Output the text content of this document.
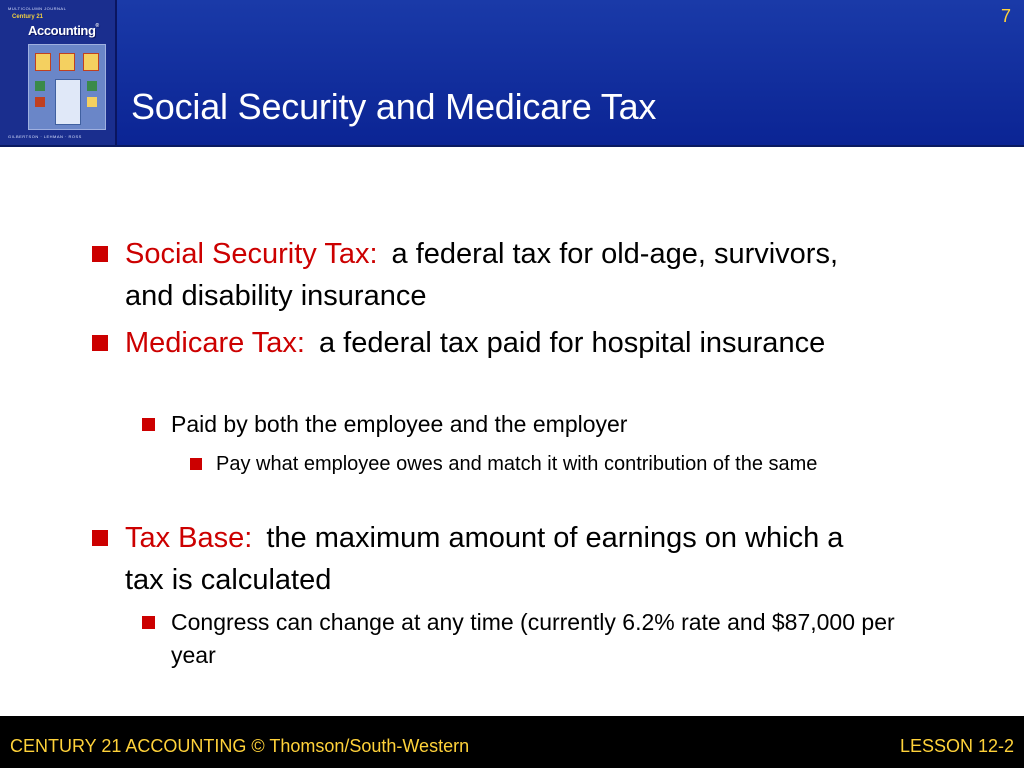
MULTICOLUMN JOURNAL
Century 21
Accounting®
GILBERTSON · LEHMAN · ROSS
Social Security and Medicare Tax
7
Social Security Tax: a federal tax for old-age, survivors, and disability insurance
Medicare Tax: a federal tax paid for hospital insurance
Paid by both the employee and the employer
Pay what employee owes and match it with contribution of the same
Tax Base: the maximum amount of earnings on which a tax is calculated
Congress can change at any time (currently 6.2% rate and $87,000 per year
CENTURY 21 ACCOUNTING © Thomson/South-Western	LESSON 12-2
